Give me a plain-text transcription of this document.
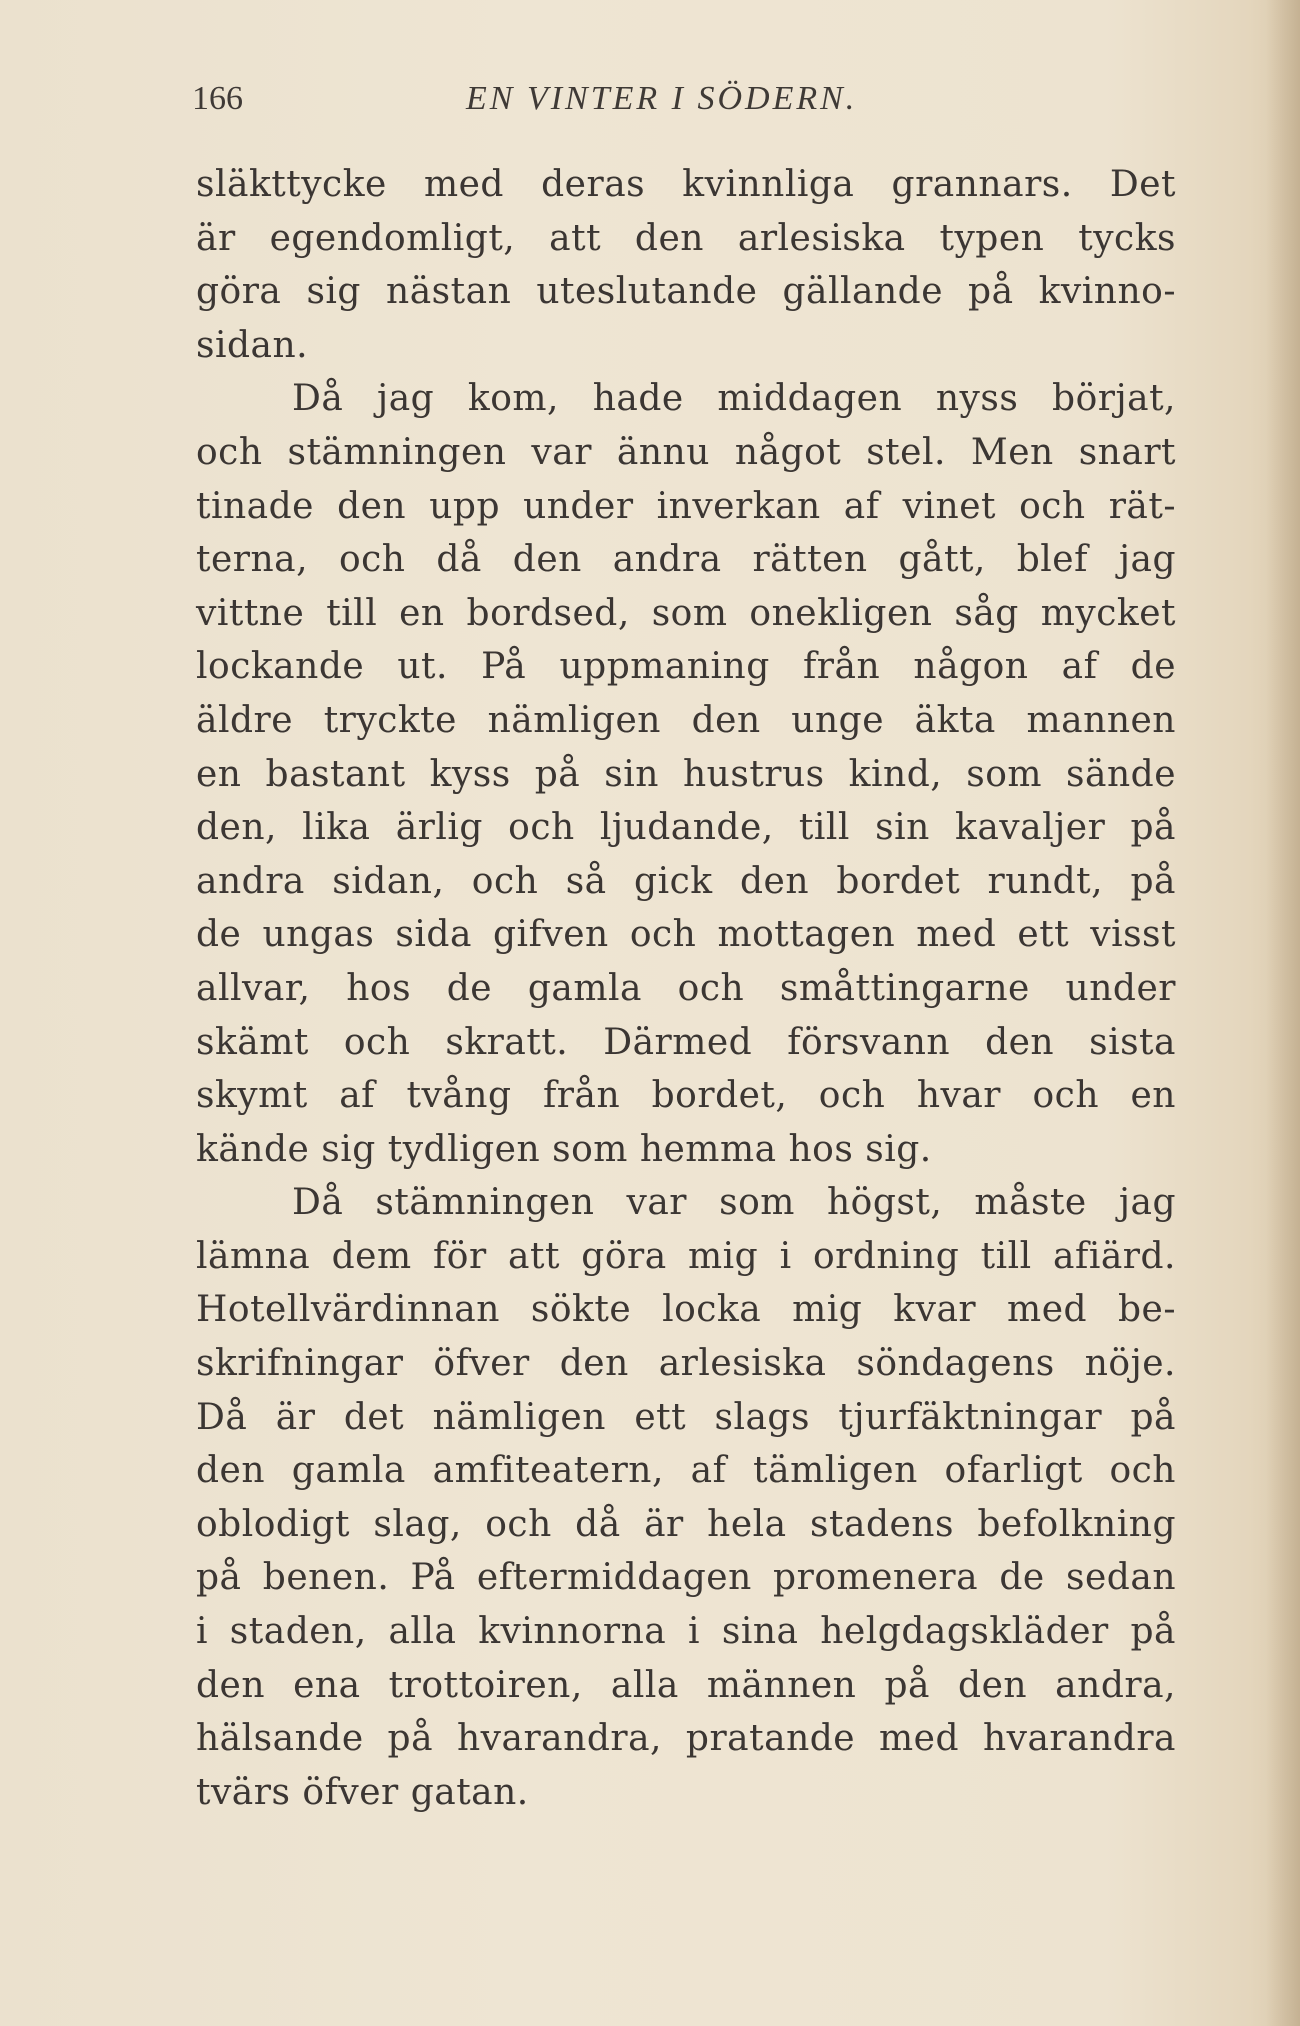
166	EN VINTER I SÖDERN.
släkttycke med deras kvinnliga grannars. Det
är egendomligt, att den arlesiska typen tycks
göra sig nästan uteslutande gällande på kvinno-
sidan.
Då jag kom, hade middagen nyss börjat,
och stämningen var ännu något stel. Men snart
tinade den upp under inverkan af vinet och rät-
terna, och då den andra rätten gått, blef jag
vittne till en bordsed, som onekligen såg mycket
lockande ut. På uppmaning från någon af de
äldre tryckte nämligen den unge äkta mannen
en bastant kyss på sin hustrus kind, som sände
den, lika ärlig och ljudande, till sin kavaljer på
andra sidan, och så gick den bordet rundt, på
de ungas sida gifven och mottagen med ett visst
allvar, hos de gamla och småttingarne under
skämt och skratt. Därmed försvann den sista
skymt af tvång från bordet, och hvar och en
kände sig tydligen som hemma hos sig.
Då stämningen var som högst, måste jag
lämna dem för att göra mig i ordning till afiärd.
Hotellvärdinnan sökte locka mig kvar med be-
skrifningar öfver den arlesiska söndagens nöje.
Då är det nämligen ett slags tjurfäktningar på
den gamla amfiteatern, af tämligen ofarligt och
oblodigt slag, och då är hela stadens befolkning
på benen. På eftermiddagen promenera de sedan
i staden, alla kvinnorna i sina helgdagskläder på
den ena trottoiren, alla männen på den andra,
hälsande på hvarandra, pratande med hvarandra
tvärs öfver gatan.
